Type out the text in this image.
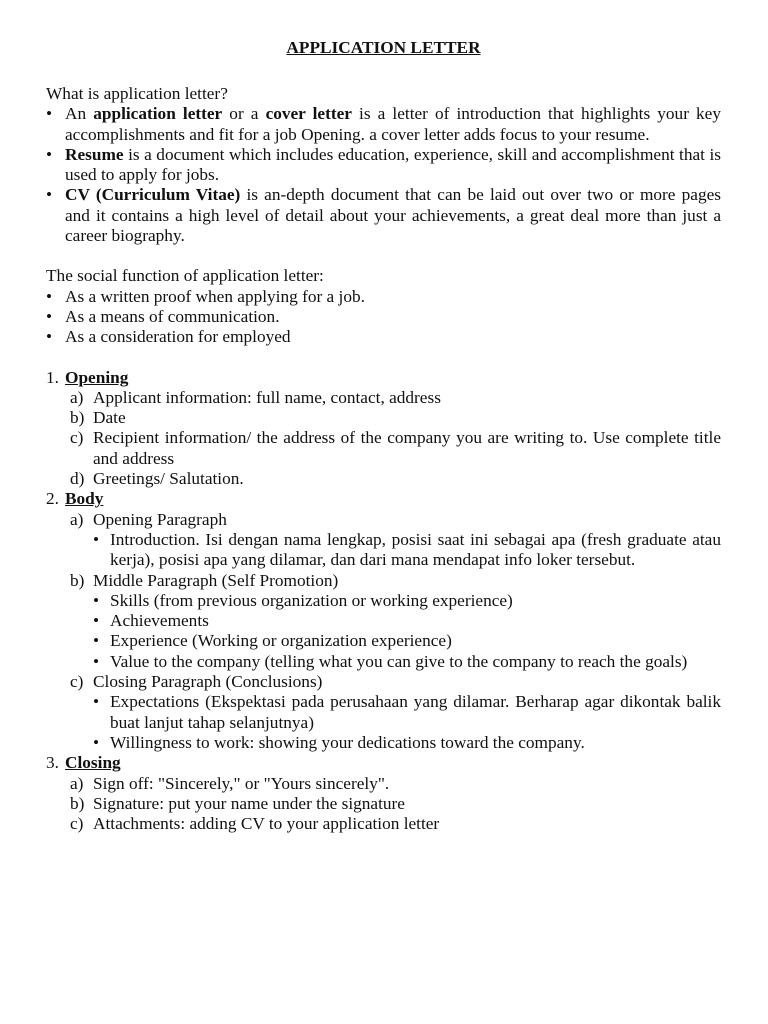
APPLICATION LETTER

What is application letter?

• An application letter or a cover letter is a letter of introduction that highlights your key accomplishments and fit for a job Opening. a cover letter adds focus to your resume.
• Resume is a document which includes education, experience, skill and accomplishment that is used to apply for jobs.
• CV (Curriculum Vitae) is an-depth document that can be laid out over two or more pages and it contains a high level of detail about your achievements, a great deal more than just a career biography.

The social function of application letter:

• As a written proof when applying for a job.
• As a means of communication.
• As a consideration for employed
1. Opening
a) Applicant information: full name, contact, address
b) Date
c) Recipient information/ the address of the company you are writing to. Use complete title and address
d) Greetings/ Salutation.
2. Body
a) Opening Paragraph
• Introduction. Isi dengan nama lengkap, posisi saat ini sebagai apa (fresh graduate atau kerja), posisi apa yang dilamar, dan dari mana mendapat info loker tersebut.
b) Middle Paragraph (Self Promotion)
• Skills (from previous organization or working experience)
• Achievements
• Experience (Working or organization experience)
• Value to the company (telling what you can give to the company to reach the goals)
c) Closing Paragraph (Conclusions)
• Expectations (Ekspektasi pada perusahaan yang dilamar. Berharap agar dikontak balik buat lanjut tahap selanjutnya)
• Willingness to work: showing your dedications toward the company.
3. Closing
a) Sign off: "Sincerely," or "Yours sincerely".
b) Signature: put your name under the signature
c) Attachments: adding CV to your application letter
